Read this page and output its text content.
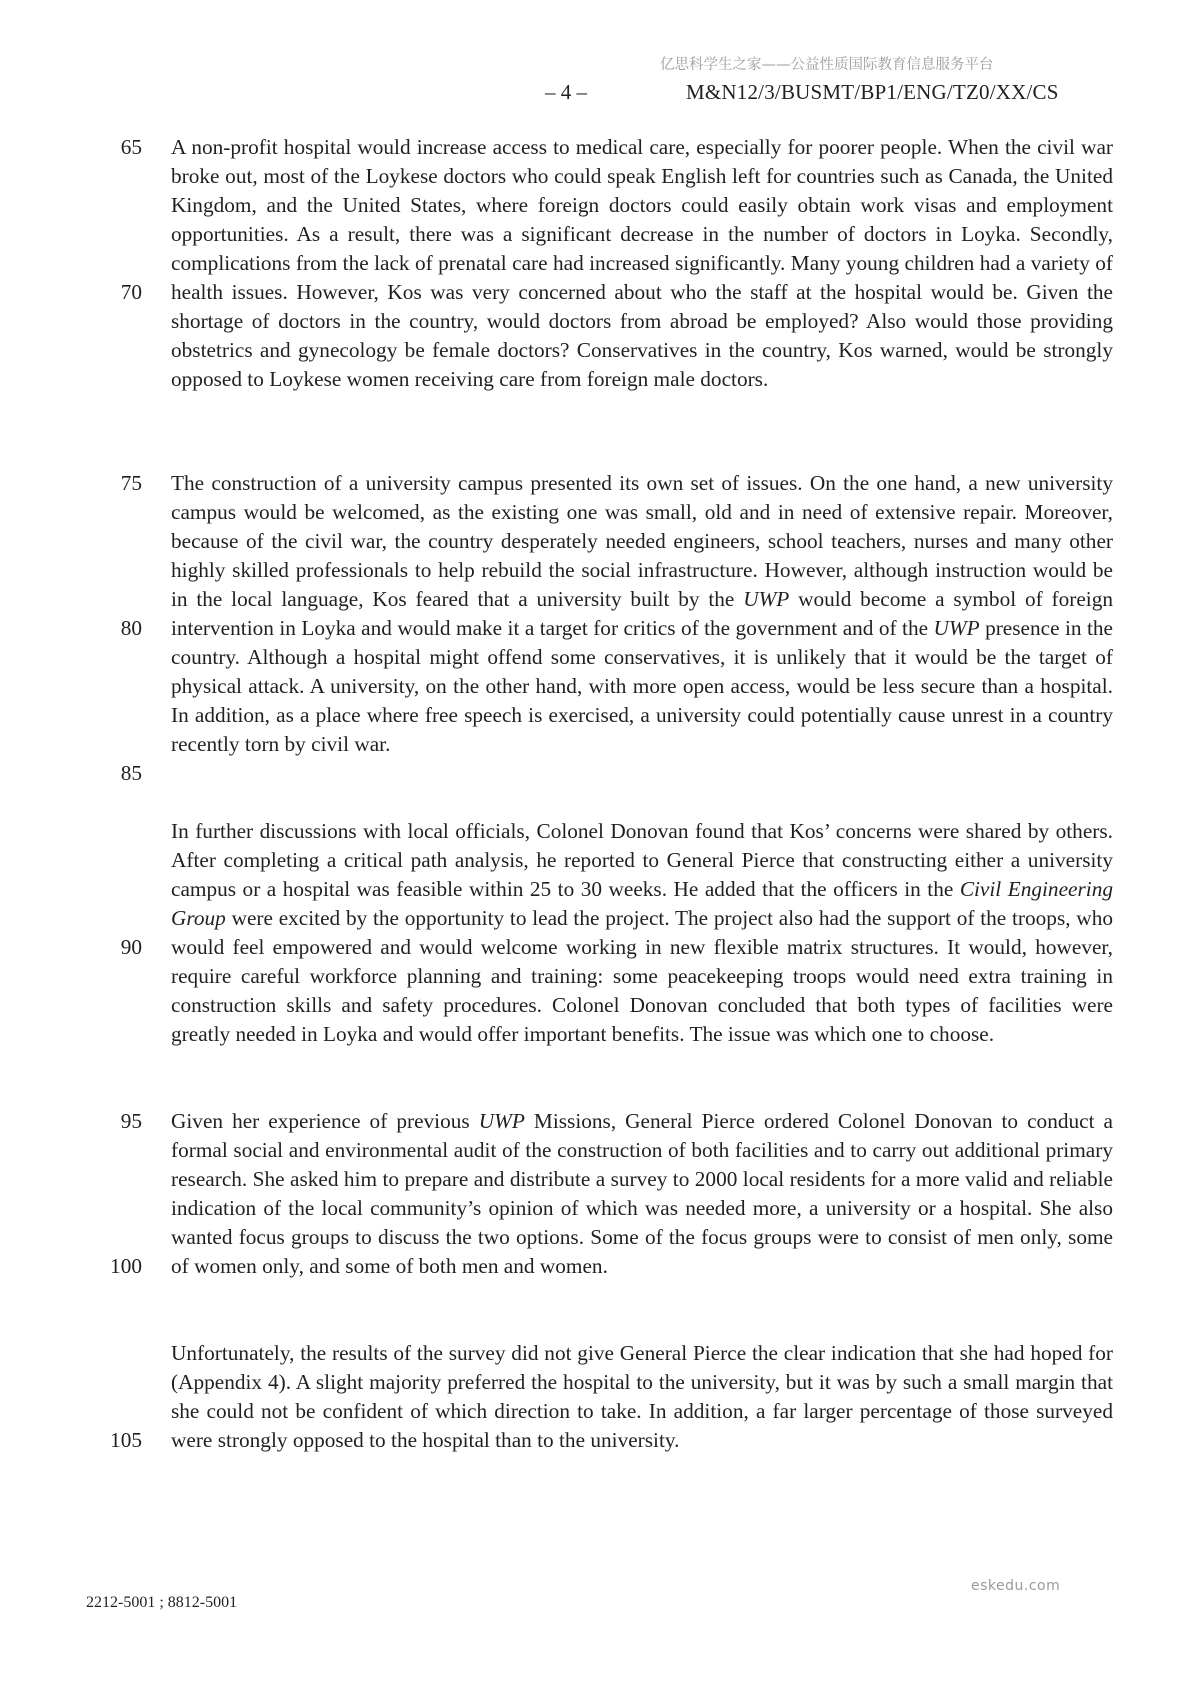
亿思科学生之家——公益性质国际教育信息服务平台
– 4 –	M&N12/3/BUSMT/BP1/ENG/TZ0/XX/CS
65
70
75
80
85
90
95
100
105

A non-profit hospital would increase access to medical care, especially for poorer people. When the civil war broke out, most of the Loykese doctors who could speak English left for countries such as Canada, the United Kingdom, and the United States, where foreign doctors could easily obtain work visas and employment opportunities. As a result, there was a significant decrease in the number of doctors in Loyka. Secondly, complications from the lack of prenatal care had increased significantly. Many young children had a variety of health issues. However, Kos was very concerned about who the staff at the hospital would be. Given the shortage of doctors in the country, would doctors from abroad be employed? Also would those providing obstetrics and gynecology be female doctors? Conservatives in the country, Kos warned, would be strongly opposed to Loykese women receiving care from foreign male doctors.

The construction of a university campus presented its own set of issues. On the one hand, a new university campus would be welcomed, as the existing one was small, old and in need of extensive repair. Moreover, because of the civil war, the country desperately needed engineers, school teachers, nurses and many other highly skilled professionals to help rebuild the social infrastructure. However, although instruction would be in the local language, Kos feared that a university built by the UWP would become a symbol of foreign intervention in Loyka and would make it a target for critics of the government and of the UWP presence in the country. Although a hospital might offend some conservatives, it is unlikely that it would be the target of physical attack. A university, on the other hand, with more open access, would be less secure than a hospital. In addition, as a place where free speech is exercised, a university could potentially cause unrest in a country recently torn by civil war.

In further discussions with local officials, Colonel Donovan found that Kos’ concerns were shared by others. After completing a critical path analysis, he reported to General Pierce that constructing either a university campus or a hospital was feasible within 25 to 30 weeks. He added that the officers in the Civil Engineering Group were excited by the opportunity to lead the project. The project also had the support of the troops, who would feel empowered and would welcome working in new flexible matrix structures. It would, however, require careful workforce planning and training: some peacekeeping troops would need extra training in construction skills and safety procedures. Colonel Donovan concluded that both types of facilities were greatly needed in Loyka and would offer important benefits. The issue was which one to choose.

Given her experience of previous UWP Missions, General Pierce ordered Colonel Donovan to conduct a formal social and environmental audit of the construction of both facilities and to carry out additional primary research. She asked him to prepare and distribute a survey to 2000 local residents for a more valid and reliable indication of the local community’s opinion of which was needed more, a university or a hospital. She also wanted focus groups to discuss the two options. Some of the focus groups were to consist of men only, some of women only, and some of both men and women.

Unfortunately, the results of the survey did not give General Pierce the clear indication that she had hoped for (Appendix 4). A slight majority preferred the hospital to the university, but it was by such a small margin that she could not be confident of which direction to take. In addition, a far larger percentage of those surveyed were strongly opposed to the hospital than to the university.

2212-5001 ; 8812-5001
eskedu.com
